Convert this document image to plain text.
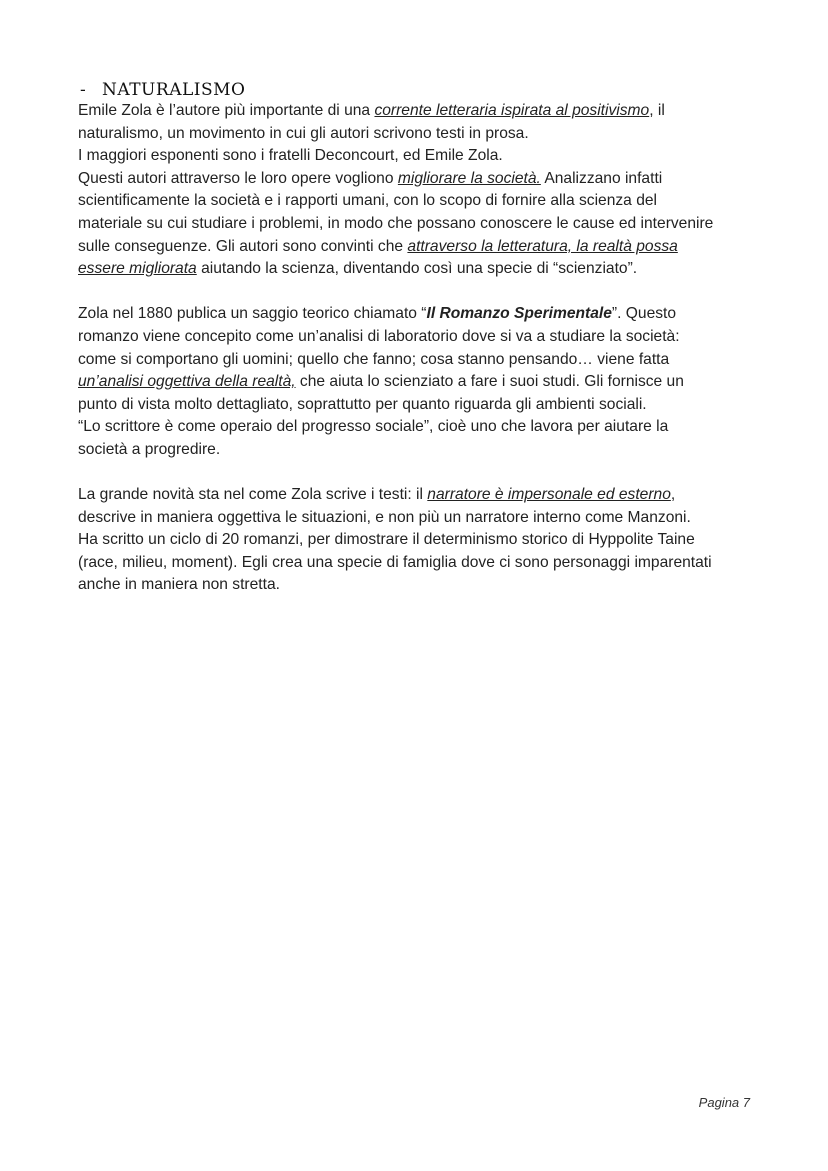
- NATURALISMO

Emile Zola è l’autore più importante di una corrente letteraria ispirata al positivismo, il
naturalismo, un movimento in cui gli autori scrivono testi in prosa.
I maggiori esponenti sono i fratelli Deconcourt, ed Emile Zola.
Questi autori attraverso le loro opere vogliono migliorare la società. Analizzano infatti
scientificamente la società e i rapporti umani, con lo scopo di fornire alla scienza del
materiale su cui studiare i problemi, in modo che possano conoscere le cause ed intervenire
sulle conseguenze. Gli autori sono convinti che attraverso la letteratura, la realtà possa
essere migliorata aiutando la scienza, diventando così una specie di “scienziato”.

Zola nel 1880 publica un saggio teorico chiamato “Il Romanzo Sperimentale”. Questo
romanzo viene concepito come un’analisi di laboratorio dove si va a studiare la società:
come si comportano gli uomini; quello che fanno; cosa stanno pensando… viene fatta
un’analisi oggettiva della realtà, che aiuta lo scienziato a fare i suoi studi. Gli fornisce un
punto di vista molto dettagliato, soprattutto per quanto riguarda gli ambienti sociali.
“Lo scrittore è come operaio del progresso sociale”, cioè uno che lavora per aiutare la
società a progredire.

La grande novità sta nel come Zola scrive i testi: il narratore è impersonale ed esterno,
descrive in maniera oggettiva le situazioni, e non più un narratore interno come Manzoni.
Ha scritto un ciclo di 20 romanzi, per dimostrare il determinismo storico di Hyppolite Taine
(race, milieu, moment). Egli crea una specie di famiglia dove ci sono personaggi imparentati
anche in maniera non stretta.

Pagina 7
